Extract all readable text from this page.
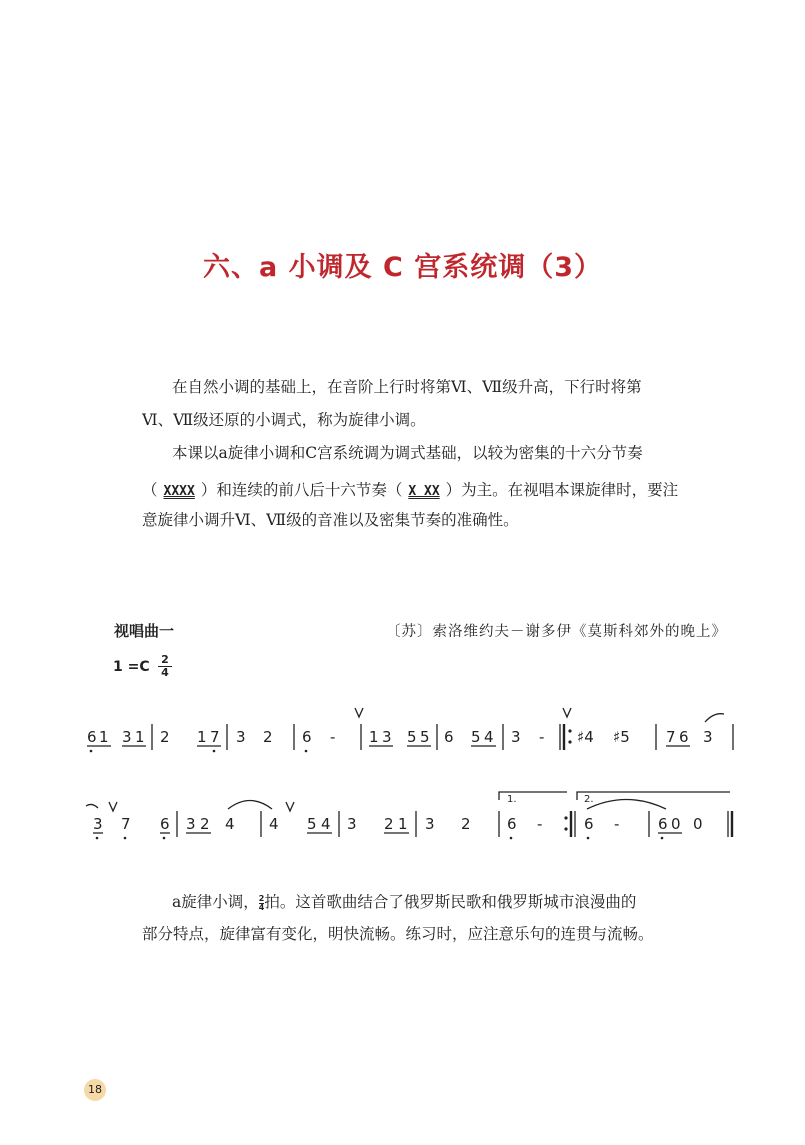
六、a 小调及 C 宫系统调（3）
在自然小调的基础上，在音阶上行时将第Ⅵ、Ⅶ级升高，下行时将第
Ⅵ、Ⅶ级还原的小调式，称为旋律小调。
本课以a旋律小调和C宫系统调为调式基础，以较为密集的十六分节奏
（ XXXX ）和连续的前八后十六节奏（ X XX ）为主。在视唱本课旋律时，要注
意旋律小调升Ⅵ、Ⅶ级的音准以及密集节奏的准确性。
视唱曲一	〔苏〕索洛维约夫－谢多伊《莫斯科郊外的晚上》
1 =C 2
4
6 1 3 1 2 1 7 3 2 6 - 1 3 5 5 6 5 4 3 - ♯4 ♯5 7 6 3
3 7 6 3 2 4 4 5 4 3 2 1 3 2 6 -	6 -	6 0 0
1.	2.
a旋律小调， $\frac{2}{4}$ 拍。这首歌曲结合了俄罗斯民歌和俄罗斯城市浪漫曲的
部分特点，旋律富有变化，明快流畅。练习时，应注意乐句的连贯与流畅。
18
